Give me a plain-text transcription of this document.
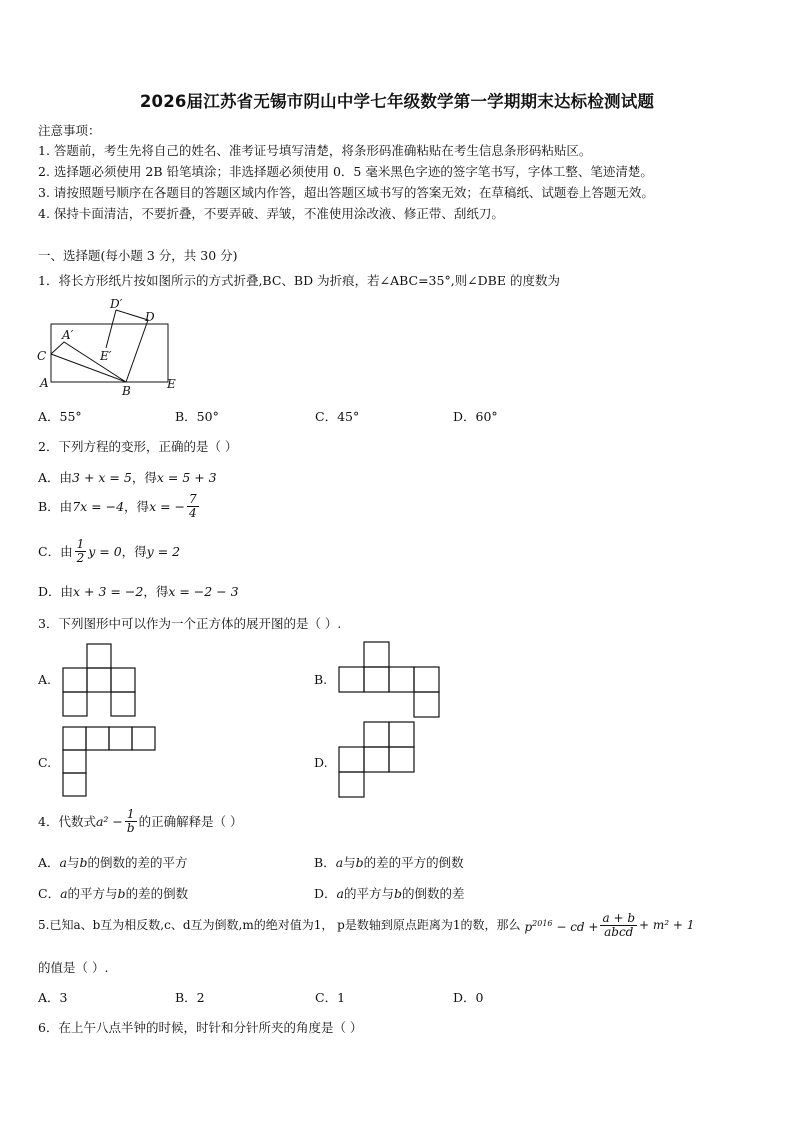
2026届江苏省无锡市阴山中学七年级数学第一学期期末达标检测试题
注意事项：
1. 答题前，考生先将自己的姓名、准考证号填写清楚，将条形码准确粘贴在考生信息条形码粘贴区。
2. 选择题必须使用 2B 铅笔填涂；非选择题必须使用 0．5 毫米黑色字迹的签字笔书写，字体工整、笔迹清楚。
3. 请按照题号顺序在各题目的答题区域内作答，超出答题区域书写的答案无效；在草稿纸、试题卷上答题无效。
4. 保持卡面清洁，不要折叠，不要弄破、弄皱，不准使用涂改液、修正带、刮纸刀。
一、选择题(每小题 3 分，共 30 分)
1．将长方形纸片按如图所示的方式折叠,BC、BD 为折痕，若∠ABC=35°,则∠DBE 的度数为
D′
D
A′
C	E′
A
B	E
A．55°	B．50°	C．45°	D．60°
2．下列方程的变形，正确的是（ ）
A．由3 + x = 5，得x = 5 + 3
B．由7x = −4，得x = − $\frac{7}{4}$
C．由 $\frac{1}{2}$ y = 0，得y = 2
D．由x + 3 = −2，得x = −2 − 3
3．下列图形中可以作为一个正方体的展开图的是（ ）.
A.	B.
C.	D.
4．代数式$a^2 - \frac{1}{b}$ 的正确解释是（ ）
A．a与b的倒数的差的平方	B．a与b的差的平方的倒数
C．a的平方与b的差的倒数	D．a的平方与b的倒数的差
5.已知a、b互为相反数,c、d互为倒数,m的绝对值为1， p是数轴到原点距离为1的数，那么 $p^{2016}$ − cd + $\frac{a + b}{\text{abcd}} + m^2 + 1$
的值是（ ）.
A．3	B．2	C．1	D．0
6．在上午八点半钟的时候，时针和分针所夹的角度是（ ）
